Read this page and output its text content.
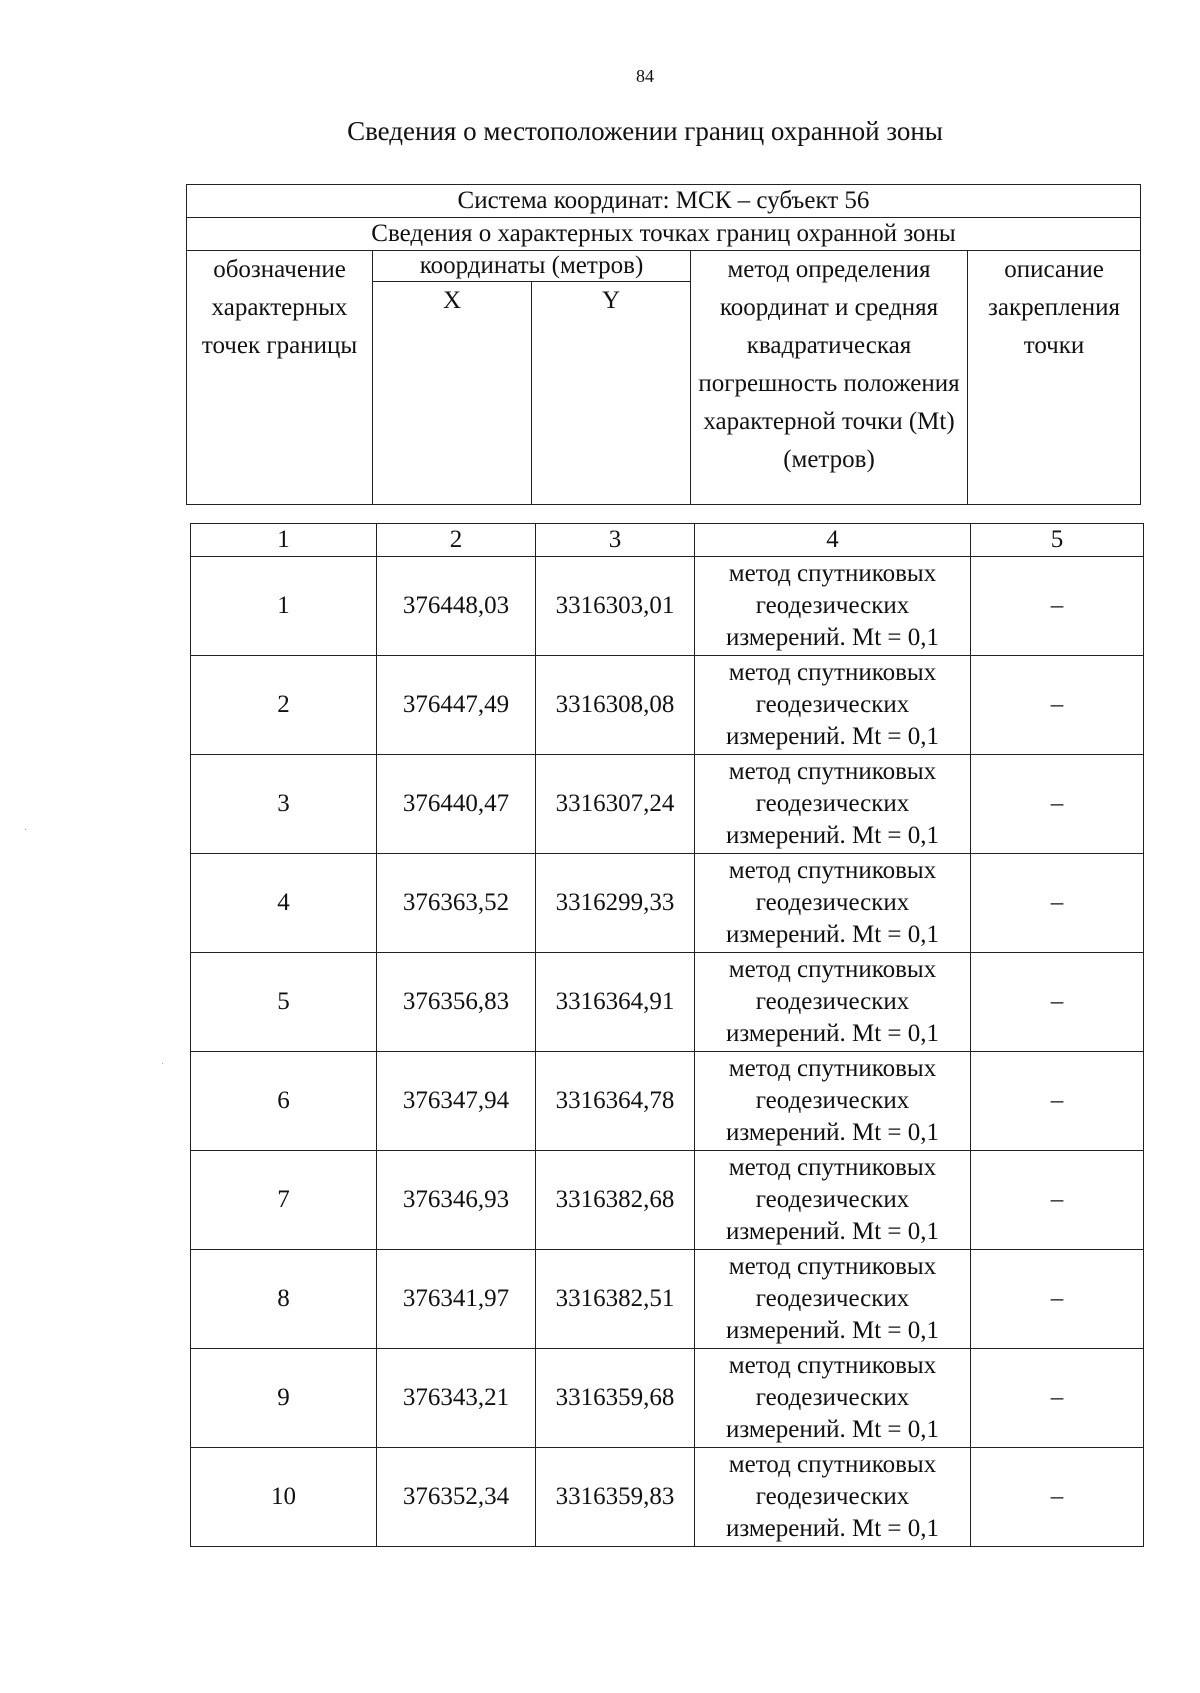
84
Сведения о местоположении границ охранной зоны
Система координат: МСК – субъект 56				
Сведения о характерных точках границ охранной зоны				
обозначение характерных точек границы	координаты (метров)		метод определения координат и средняя квадратическая погрешность положения характерной точки (Mt) (метров)	описание закрепления точки
	X	Y		
1	2	3	4	5
1	376448,03	3316303,01	метод спутниковых геодезических измерений. Mt = 0,1	–
2	376447,49	3316308,08	метод спутниковых геодезических измерений. Mt = 0,1	–
3	376440,47	3316307,24	метод спутниковых геодезических измерений. Mt = 0,1	–
4	376363,52	3316299,33	метод спутниковых геодезических измерений. Mt = 0,1	–
5	376356,83	3316364,91	метод спутниковых геодезических измерений. Mt = 0,1	–
6	376347,94	3316364,78	метод спутниковых геодезических измерений. Mt = 0,1	–
7	376346,93	3316382,68	метод спутниковых геодезических измерений. Mt = 0,1	–
8	376341,97	3316382,51	метод спутниковых геодезических измерений. Mt = 0,1	–
9	376343,21	3316359,68	метод спутниковых геодезических измерений. Mt = 0,1	–
10	376352,34	3316359,83	метод спутниковых геодезических измерений. Mt = 0,1	–
